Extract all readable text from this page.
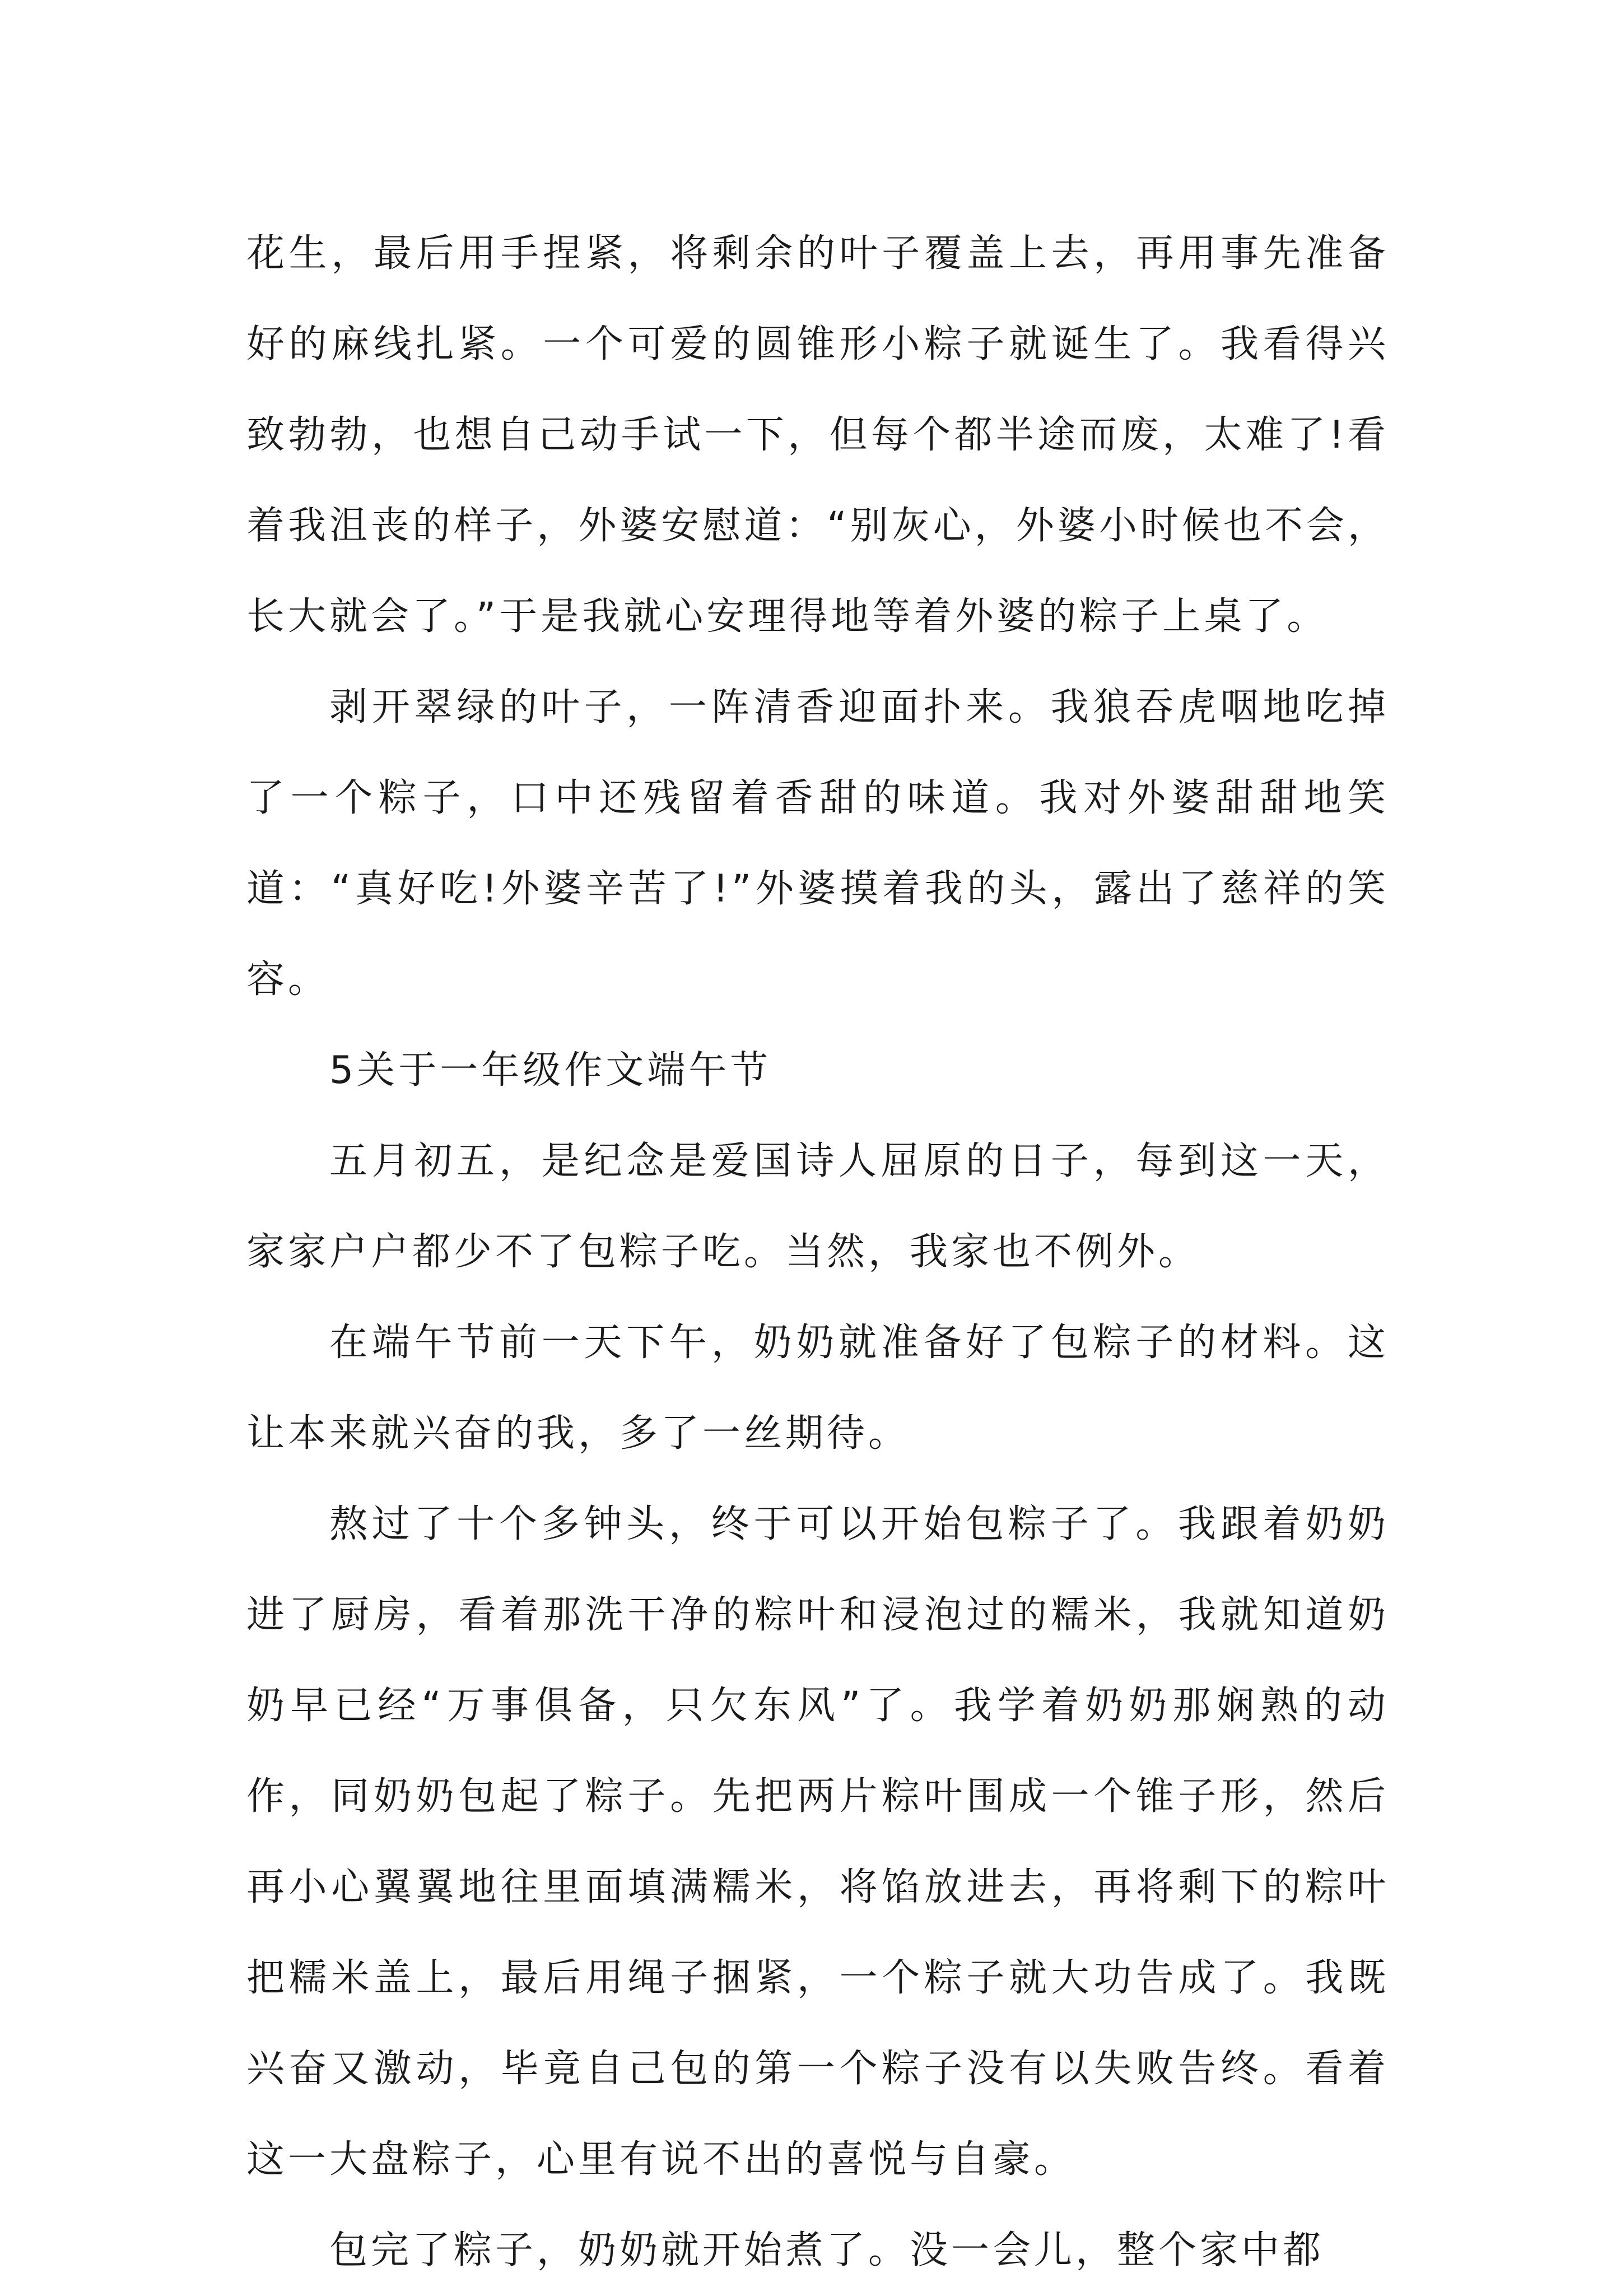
花生，最后用手捏紧，将剩余的叶子覆盖上去，再用事先准备好的麻线扎紧。一个可爱的圆锥形小粽子就诞生了。我看得兴致勃勃，也想自己动手试一下，但每个都半途而废，太难了!看着我沮丧的样子，外婆安慰道：“别灰心，外婆小时候也不会，长大就会了。”于是我就心安理得地等着外婆的粽子上桌了。

剥开翠绿的叶子，一阵清香迎面扑来。我狼吞虎咽地吃掉了一个粽子，口中还残留着香甜的味道。我对外婆甜甜地笑道：“真好吃!外婆辛苦了!”外婆摸着我的头，露出了慈祥的笑容。

5关于一年级作文端午节

五月初五，是纪念是爱国诗人屈原的日子，每到这一天，家家户户都少不了包粽子吃。当然，我家也不例外。

在端午节前一天下午，奶奶就准备好了包粽子的材料。这让本来就兴奋的我，多了一丝期待。

熬过了十个多钟头，终于可以开始包粽子了。我跟着奶奶进了厨房，看着那洗干净的粽叶和浸泡过的糯米，我就知道奶奶早已经“万事俱备，只欠东风”了。我学着奶奶那娴熟的动作，同奶奶包起了粽子。先把两片粽叶围成一个锥子形，然后再小心翼翼地往里面填满糯米，将馅放进去，再将剩下的粽叶把糯米盖上，最后用绳子捆紧，一个粽子就大功告成了。我既兴奋又激动，毕竟自己包的第一个粽子没有以失败告终。看着这一大盘粽子，心里有说不出的喜悦与自豪。

包完了粽子，奶奶就开始煮了。没一会儿，整个家中都
